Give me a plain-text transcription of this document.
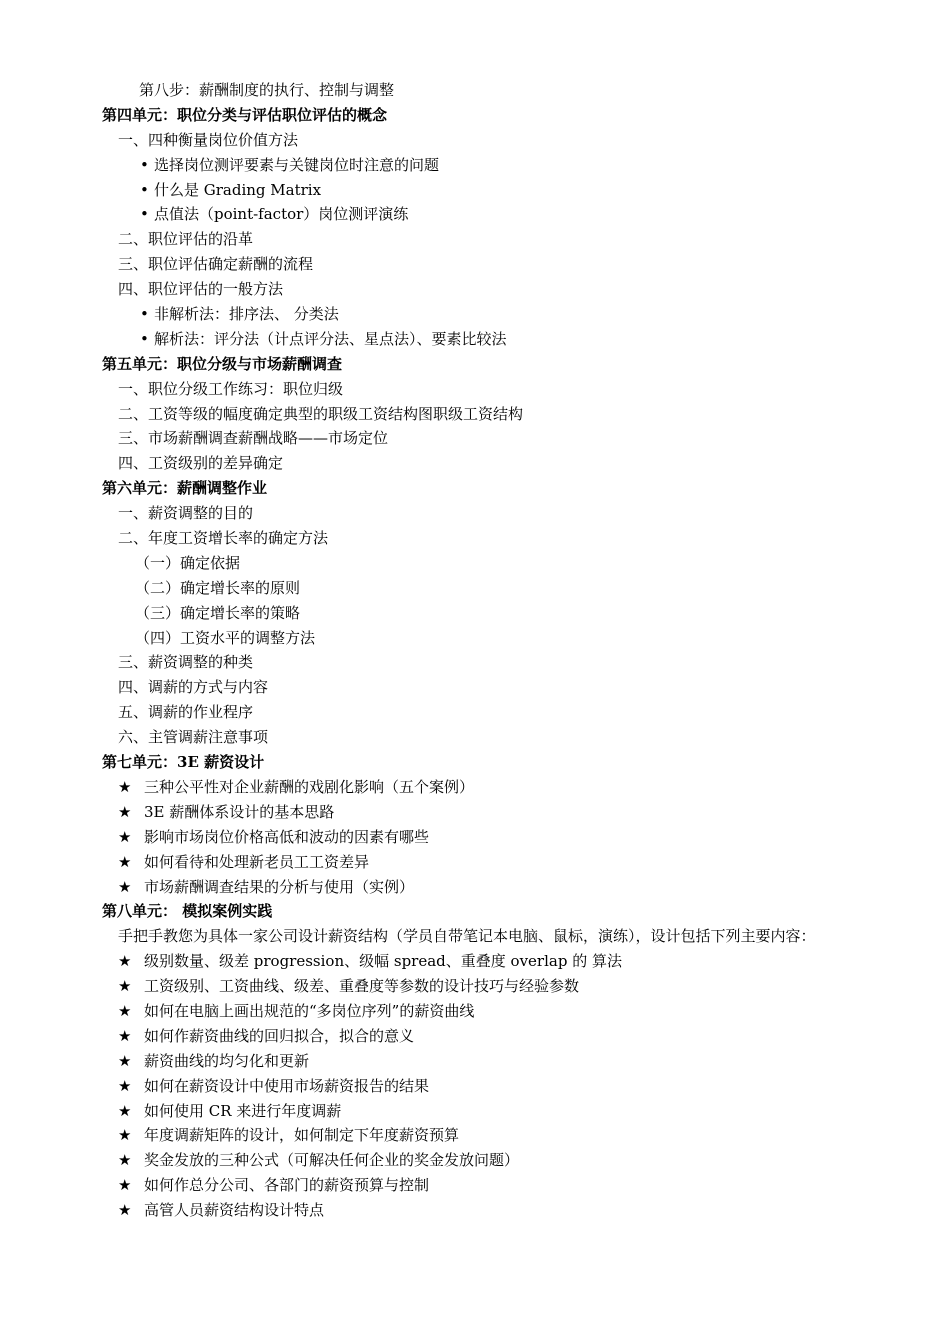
第八步：薪酬制度的执行、控制与调整
第四单元：职位分类与评估职位评估的概念
一、四种衡量岗位价值方法
• 选择岗位测评要素与关键岗位时注意的问题
• 什么是 Grading Matrix
• 点值法（point-factor）岗位测评演练
二、职位评估的沿革
三、职位评估确定薪酬的流程
四、职位评估的一般方法
• 非解析法：排序法、 分类法
• 解析法：评分法（计点评分法、星点法）、要素比较法
第五单元：职位分级与市场薪酬调查
一、职位分级工作练习：职位归级
二、工资等级的幅度确定典型的职级工资结构图职级工资结构
三、市场薪酬调查薪酬战略——市场定位
四、工资级别的差异确定
第六单元：薪酬调整作业
一、薪资调整的目的
二、年度工资增长率的确定方法
（一）确定依据
（二）确定增长率的原则
（三）确定增长率的策略
（四）工资水平的调整方法
三、薪资调整的种类
四、调薪的方式与内容
五、调薪的作业程序
六、主管调薪注意事项
第七单元：3E 薪资设计
★ 三种公平性对企业薪酬的戏剧化影响（五个案例）
★ 3E 薪酬体系设计的基本思路
★ 影响市场岗位价格高低和波动的因素有哪些
★ 如何看待和处理新老员工工资差异
★ 市场薪酬调查结果的分析与使用（实例）
第八单元： 模拟案例实践
手把手教您为具体一家公司设计薪资结构（学员自带笔记本电脑、鼠标，演练），设计包括下列主要内容：
★ 级别数量、级差 progression、级幅 spread、重叠度 overlap 的 算法
★ 工资级别、工资曲线、级差、重叠度等参数的设计技巧与经验参数
★ 如何在电脑上画出规范的“多岗位序列”的薪资曲线
★ 如何作薪资曲线的回归拟合，拟合的意义
★ 薪资曲线的均匀化和更新
★ 如何在薪资设计中使用市场薪资报告的结果
★ 如何使用 CR 来进行年度调薪
★ 年度调薪矩阵的设计，如何制定下年度薪资预算
★ 奖金发放的三种公式（可解决任何企业的奖金发放问题）
★ 如何作总分公司、各部门的薪资预算与控制
★ 高管人员薪资结构设计特点
